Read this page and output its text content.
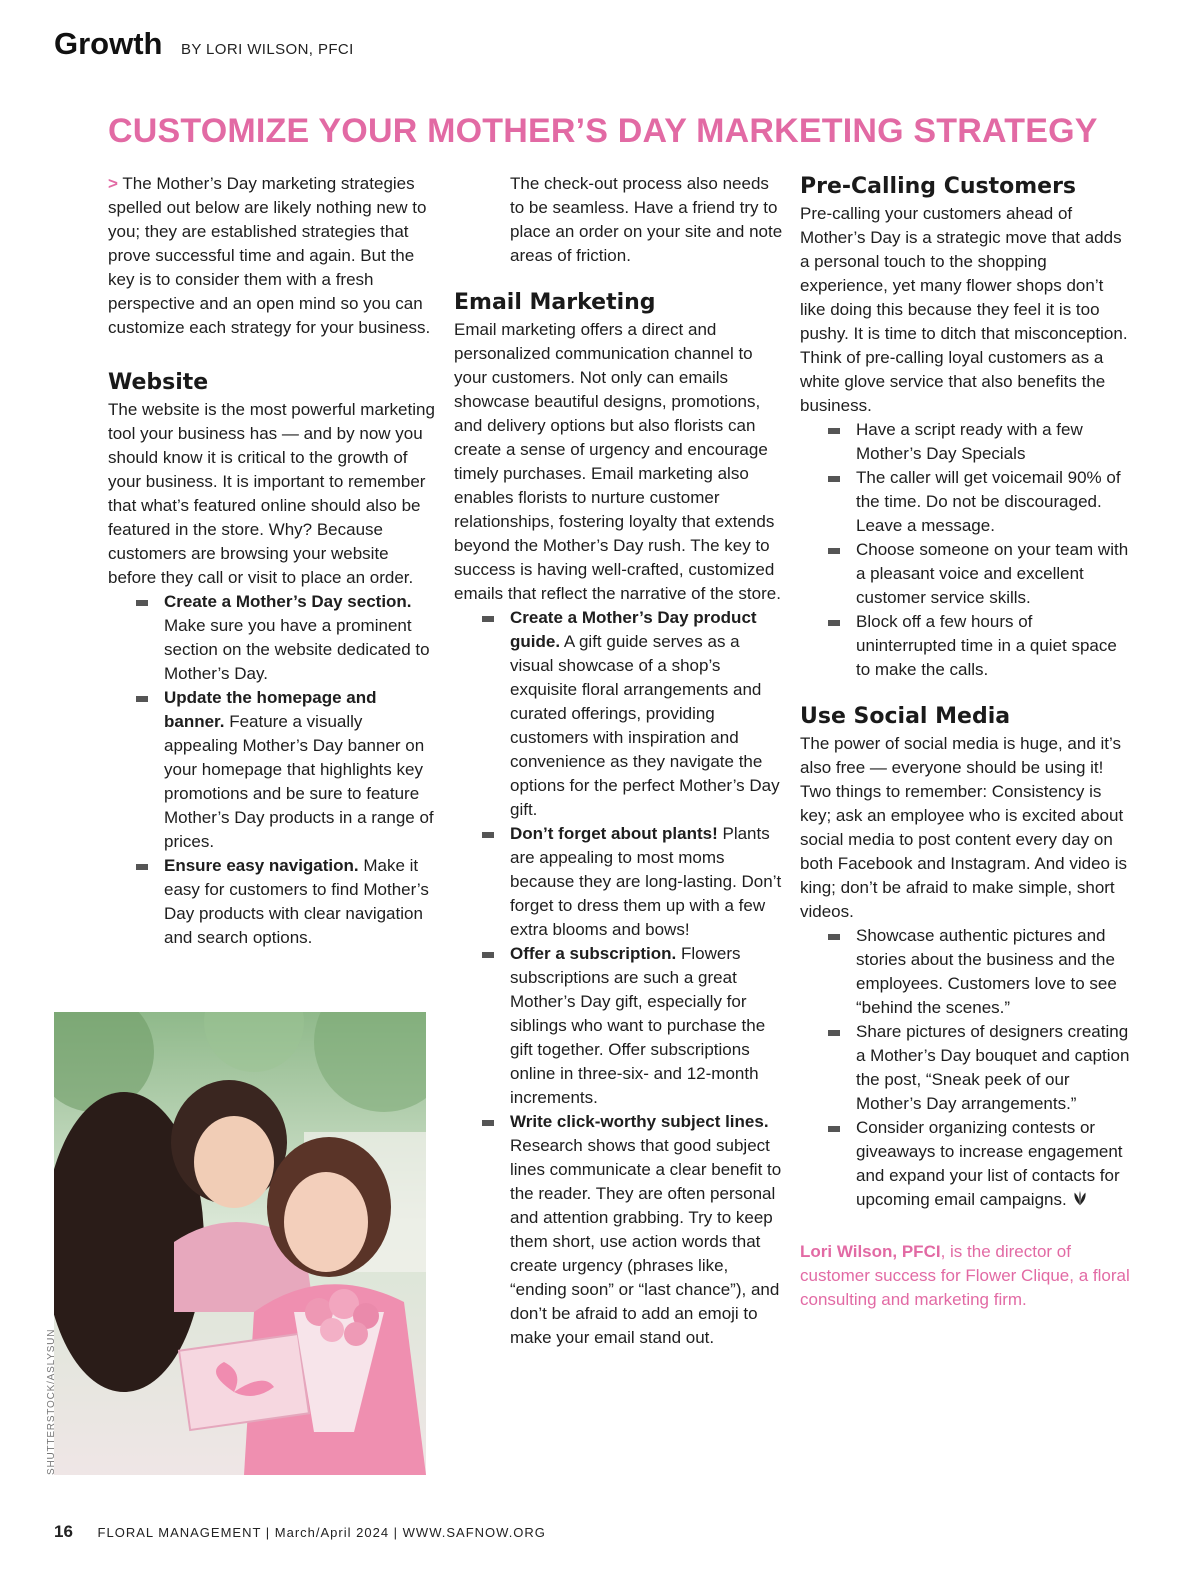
Growth BY LORI WILSON, PFCI
CUSTOMIZE YOUR MOTHER’S DAY MARKETING STRATEGY

> The Mother’s Day marketing strategies spelled out below are likely nothing new to you; they are established strategies that prove successful time and again. But the key is to consider them with a fresh perspective and an open mind so you can customize each strategy for your business.

Website

The website is the most powerful marketing tool your business has — and by now you should know it is critical to the growth of your business. It is important to remember that what’s featured online should also be featured in the store. Why? Because customers are browsing your website before they call or visit to place an order.

Create a Mother’s Day section. Make sure you have a prominent section on the website dedicated to Mother’s Day.
Update the homepage and banner. Feature a visually appealing Mother’s Day banner on your homepage that highlights key promotions and be sure to feature Mother’s Day products in a range of prices.
Ensure easy navigation. Make it easy for customers to find Mother’s Day products with clear navigation and search options.

The check-out process also needs to be seamless. Have a friend try to place an order on your site and note areas of friction.

Email Marketing

Email marketing offers a direct and personalized communication channel to your customers. Not only can emails showcase beautiful designs, promotions, and delivery options but also florists can create a sense of urgency and encourage timely purchases. Email marketing also enables florists to nurture customer relationships, fostering loyalty that extends beyond the Mother’s Day rush. The key to success is having well-crafted, customized emails that reflect the narrative of the store.

Create a Mother’s Day product guide. A gift guide serves as a visual showcase of a shop’s exquisite floral arrangements and curated offerings, providing customers with inspiration and convenience as they navigate the options for the perfect Mother’s Day gift.
Don’t forget about plants! Plants are appealing to most moms because they are long-lasting. Don’t forget to dress them up with a few extra blooms and bows!
Offer a subscription. Flowers subscriptions are such a great Mother’s Day gift, especially for siblings who want to purchase the gift together. Offer subscriptions online in three-six- and 12-month increments.
Write click-worthy subject lines. Research shows that good subject lines communicate a clear benefit to the reader. They are often personal and attention grabbing. Try to keep them short, use action words that create urgency (phrases like, “ending soon” or “last chance”), and don’t be afraid to add an emoji to make your email stand out.
Pre-Calling Customers

Pre-calling your customers ahead of Mother’s Day is a strategic move that adds a personal touch to the shopping experience, yet many flower shops don’t like doing this because they feel it is too pushy. It is time to ditch that misconception. Think of pre-calling loyal customers as a white glove service that also benefits the business.

Have a script ready with a few Mother’s Day Specials
The caller will get voicemail 90% of the time. Do not be discouraged. Leave a message.
Choose someone on your team with a pleasant voice and excellent customer service skills.
Block off a few hours of uninterrupted time in a quiet space to make the calls.
Use Social Media

The power of social media is huge, and it’s also free — everyone should be using it! Two things to remember: Consistency is key; ask an employee who is excited about social media to post content every day on both Facebook and Instagram. And video is king; don’t be afraid to make simple, short videos.

Showcase authentic pictures and stories about the business and the employees. Customers love to see “behind the scenes.”
Share pictures of designers creating a Mother’s Day bouquet and caption the post, “Sneak peek of our Mother’s Day arrangements.”
Consider organizing contests or giveaways to increase engagement and expand your list of contacts for upcoming email campaigns.

Lori Wilson, PFCI, is the director of customer success for Flower Clique, a floral consulting and marketing firm.

SHUTTERSTOCK/ASLYSUN
16 FLORAL MANAGEMENT | March/April 2024 | WWW.SAFNOW.ORG
